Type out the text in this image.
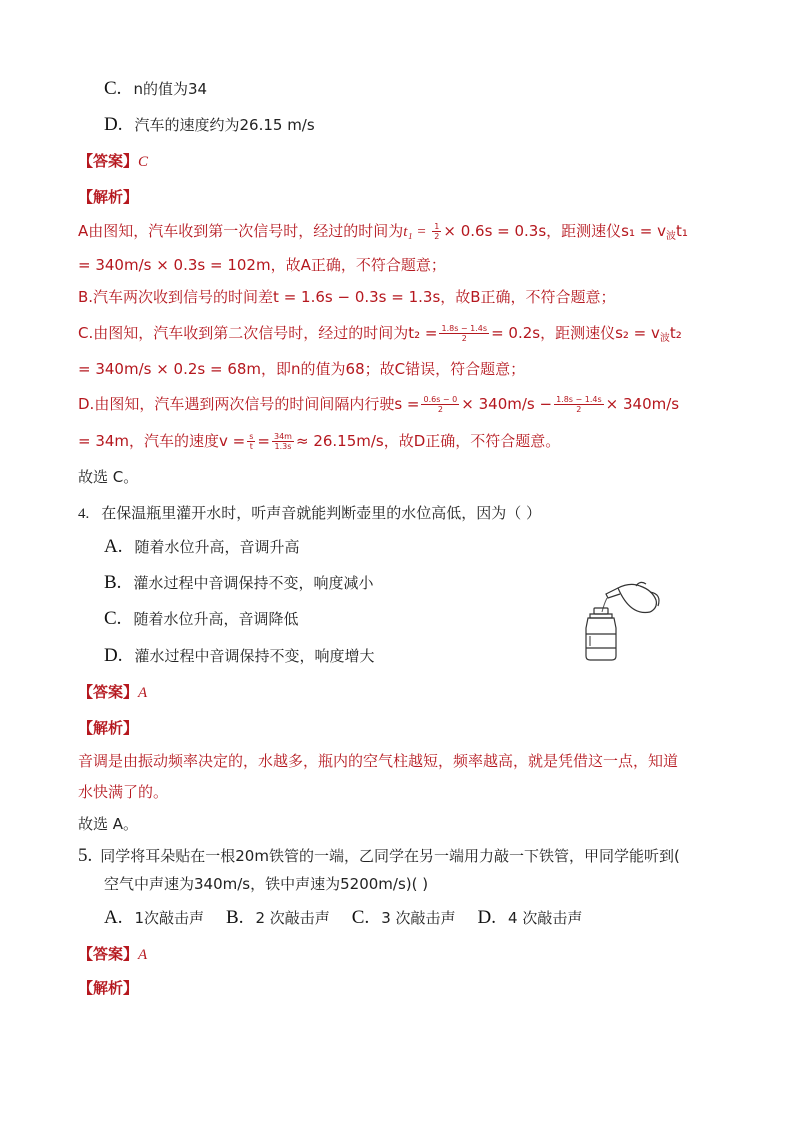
C. n的值为34
D. 汽车的速度约为26.15 m/s
【答案】C
【解析】
A由图知，汽车收到第一次信号时，经过的时间为$t_1 = \frac{1}{2} \times 0.6s = 0.3s$，距测速仪$s_1 = v_波t_1$
= 340m/s × 0.3s = 102m，故A正确，不符合题意；
B.汽车两次收到信号的时间差t = 1.6s − 0.3s = 1.3s，故B正确，不符合题意；
C.由图知，汽车收到第二次信号时，经过的时间为$t_2 = \frac{1.8s - 1.4s}{2} = 0.2s$，距测速仪$s_2 = v_波t_2$
= 340m/s × 0.2s = 68m，即n的值为68；故C错误，符合题意；
D.由图知，汽车遇到两次信号的时间间隔内行驶$s = \frac{0.6s - 0}{2} \times 340m/s - \frac{1.8s - 1.4s}{2} \times 340m/s$
= 34m，汽车的速度$v = \frac{s}{t} = \frac{34m}{1.3s} \approx 26.15m/s$，故D正确，不符合题意。
故选 C。
4. 在保温瓶里灌开水时，听声音就能判断壶里的水位高低，因为（ ）
A. 随着水位升高，音调升高
B. 灌水过程中音调保持不变，响度减小
C. 随着水位升高，音调降低
D. 灌水过程中音调保持不变，响度增大
【答案】A
【解析】
音调是由振动频率决定的，水越多，瓶内的空气柱越短，频率越高，就是凭借这一点，知道
水快满了的。
故选 A。
5. 同学将耳朵贴在一根20m铁管的一端，乙同学在另一端用力敲一下铁管，甲同学能听到(
空气中声速为340m/s，铁中声速为5200m/s)( )
A. 1次敲击声 B. 2 次敲击声 C. 3 次敲击声 D. 4 次敲击声
【答案】A
【解析】
